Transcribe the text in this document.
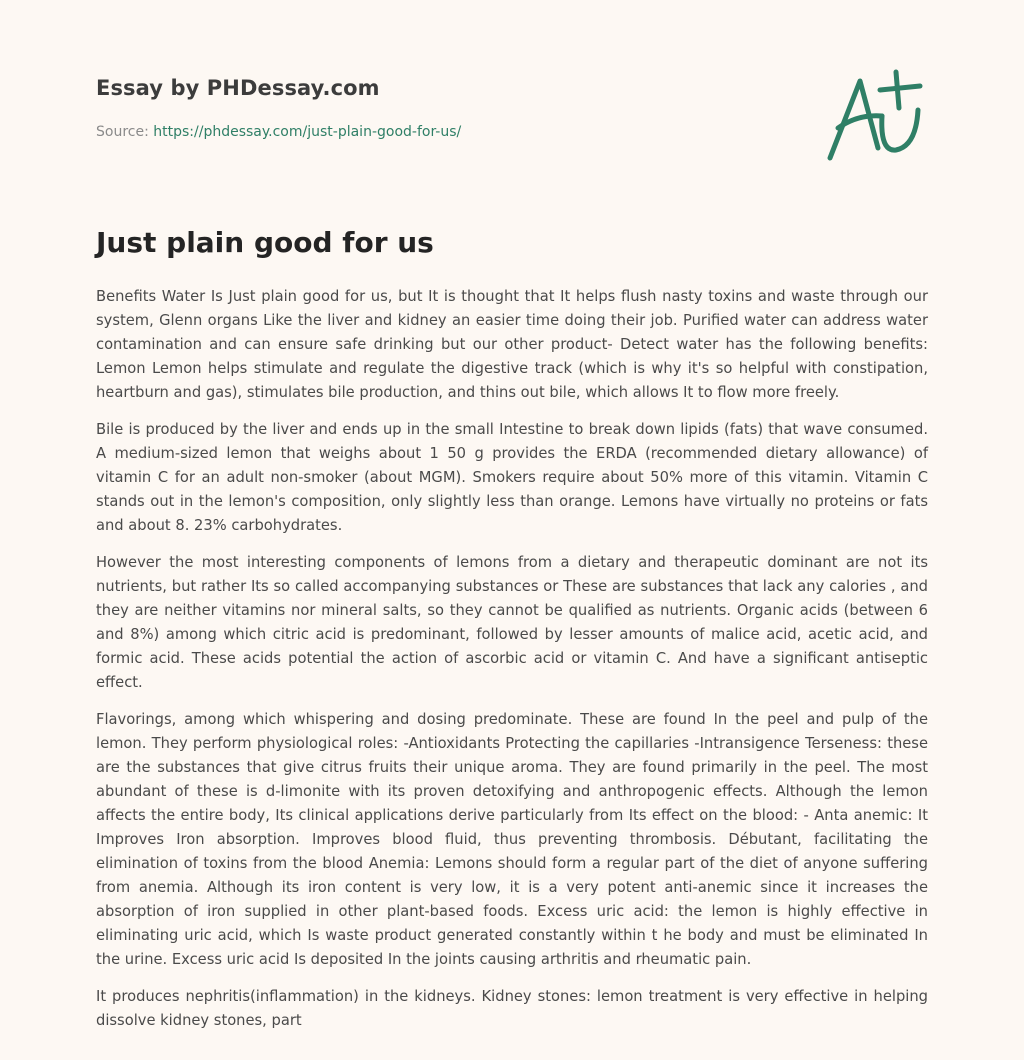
Essay by PHDessay.com
Source: https://phdessay.com/just-plain-good-for-us/
Just plain good for us

Benefits Water Is Just plain good for us, but It is thought that It helps flush nasty toxins and waste through our system, Glenn organs Like the liver and kidney an easier time doing their job. Purified water can address water contamination and can ensure safe drinking but our other product- Detect water has the following benefits: Lemon Lemon helps stimulate and regulate the digestive track (which is why it's so helpful with constipation, heartburn and gas), stimulates bile production, and thins out bile, which allows It to flow more freely.

Bile is produced by the liver and ends up in the small Intestine to break down lipids (fats) that wave consumed. A medium-sized lemon that weighs about 1 50 g provides the ERDA (recommended dietary allowance) of vitamin C for an adult non-smoker (about MGM). Smokers require about 50% more of this vitamin. Vitamin C stands out in the lemon's composition, only slightly less than orange. Lemons have virtually no proteins or fats and about 8. 23% carbohydrates.

However the most interesting components of lemons from a dietary and therapeutic dominant are not its nutrients, but rather Its so called accompanying substances or These are substances that lack any calories , and they are neither vitamins nor mineral salts, so they cannot be qualified as nutrients. Organic acids (between 6 and 8%) among which citric acid is predominant, followed by lesser amounts of malice acid, acetic acid, and formic acid. These acids potential the action of ascorbic acid or vitamin C. And have a significant antiseptic effect.

Flavorings, among which whispering and dosing predominate. These are found In the peel and pulp of the lemon. They perform physiological roles: -Antioxidants Protecting the capillaries -Intransigence Terseness: these are the substances that give citrus fruits their unique aroma. They are found primarily in the peel. The most abundant of these is d-limonite with its proven detoxifying and anthropogenic effects. Although the lemon affects the entire body, Its clinical applications derive particularly from Its effect on the blood: - Anta anemic: It Improves Iron absorption. Improves blood fluid, thus preventing thrombosis. Débutant, facilitating the elimination of toxins from the blood Anemia: Lemons should form a regular part of the diet of anyone suffering from anemia. Although its iron content is very low, it is a very potent anti-anemic since it increases the absorption of iron supplied in other plant-based foods. Excess uric acid: the lemon is highly effective in eliminating uric acid, which Is waste product generated constantly within t he body and must be eliminated In the urine. Excess uric acid Is deposited In the joints causing arthritis and rheumatic pain.

It produces nephritis(inflammation) in the kidneys. Kidney stones: lemon treatment is very effective in helping dissolve kidney stones, part
